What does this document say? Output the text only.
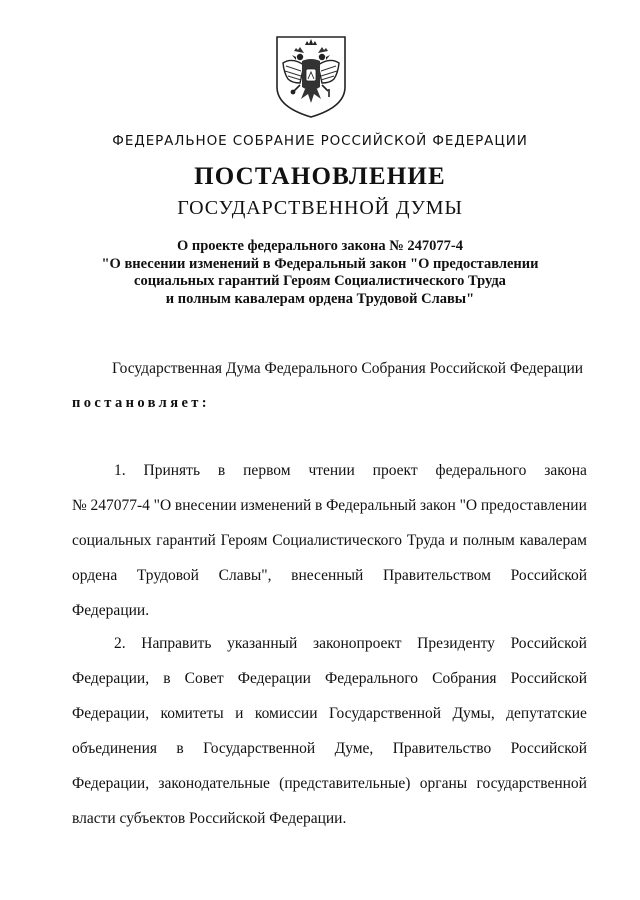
ФЕДЕРАЛЬНОЕ СОБРАНИЕ РОССИЙСКОЙ ФЕДЕРАЦИИ
ПОСТАНОВЛЕНИЕ
ГОСУДАРСТВЕННОЙ ДУМЫ
О проекте федерального закона № 247077-4
"О внесении изменений в Федеральный закон "О предоставлении
социальных гарантий Героям Социалистического Труда
и полным кавалерам ордена Трудовой Славы"
Государственная Дума Федерального Собрания Российской Федерации
постановляет:
1. Принять в первом чтении проект федерального закона
№ 247077-4 "О внесении изменений в Федеральный закон "О предоставлении
социальных гарантий Героям Социалистического Труда и полным кавалерам
ордена Трудовой Славы", внесенный Правительством Российской
Федерации.
2. Направить указанный законопроект Президенту Российской
Федерации, в Совет Федерации Федерального Собрания Российской
Федерации, комитеты и комиссии Государственной Думы, депутатские
объединения в Государственной Думе, Правительство Российской
Федерации, законодательные (представительные) органы государственной
власти субъектов Российской Федерации.
